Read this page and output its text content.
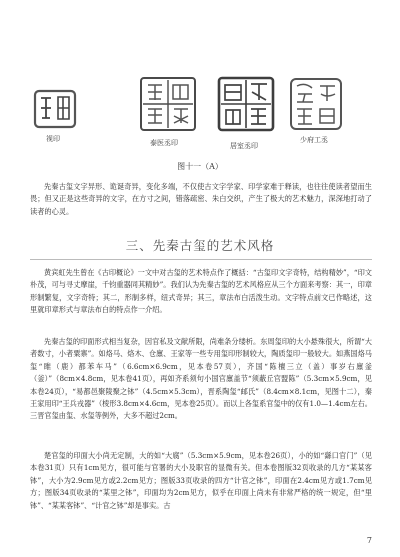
视印	泰医丞印	居室丞印
少府工丞
图十一（A）

先秦古玺文字异形、诡诞奇异，变化多端，不仅使古文字学家、印学家难于释读，也往往使读者望而生畏；但又正是这些奇异的文字，在方寸之间，错落疏密、朱白交织，产生了极大的艺术魅力，深深地打动了读者的心灵。

三、先秦古玺的艺术风格

黄宾虹先生曾在《古印概论》一文中对古玺的艺术特点作了概括：“古玺印文字奇特，结构精妙”，“印文朴茂，可与寻丈摩崖，千钧重器同其精妙”。我们认为先秦古玺的艺术风格应从三个方面来考察：其一，印章形制繁复，文字奇特；其二，形制多样，纽式奇异；其三，章法布白活泼生动。文字特点前文已作略述，这里就印章形式与章法布白的特点作一介绍。

先秦古玺的印面形式相当复杂，因官私及文献所限，尚难条分缕析。东周玺印的大小悬殊很大，所谓“大者数寸，小者粟寨”。如烙马、烙木、仓廪、王家等一些专用玺印形制较大，陶质玺印一般较大。如燕国烙马玺“睢（鹿）都苯车马”（6.6cm×6.9cm，见本卷57页），齐国“陈檀三立（盖）事岁右廪釜（釜）”（8cm×4.8cm，见本卷41页），再如齐系须句小国官廪盖节“须蔽丘官盟陈”（5.3cm×5.9cm，见本卷24页），“易都邑聚陵聚之钵”（4.5cm×5.3cm），晋系陶玺“邮氏”（8.4cm×8.1cm，见图十二），秦王家用印“王兵戎器”（棱形3.8cm×4.6cm，见本卷25页）。而以上各玺系官玺中的仅有1.0—1.4cm左右。三晋官玺由玺、水玺等例外，大多不超过2cm。

楚官玺的印面大小尚无定制，大的如“大腐”（5.3cm×5.9cm，见本卷26页），小的如“繇口官门”（见本卷31页）只有1cm见方，很可能与官署的大小及职官的显微有关。但本卷图版32页收录的几方“某某客钵”，大小为2.9cm见方或2.2cm见方；图版33页收录的四方“计官之钵”，印面在2.4cm见方或1.7cm见方；图版34页收录的“某里之钵”，印面均为2cm见方，似乎在印面上尚未有非常严格的统一规定，但“里钵”、“某某客钵”、“计官之钵”却是事实。古

7
